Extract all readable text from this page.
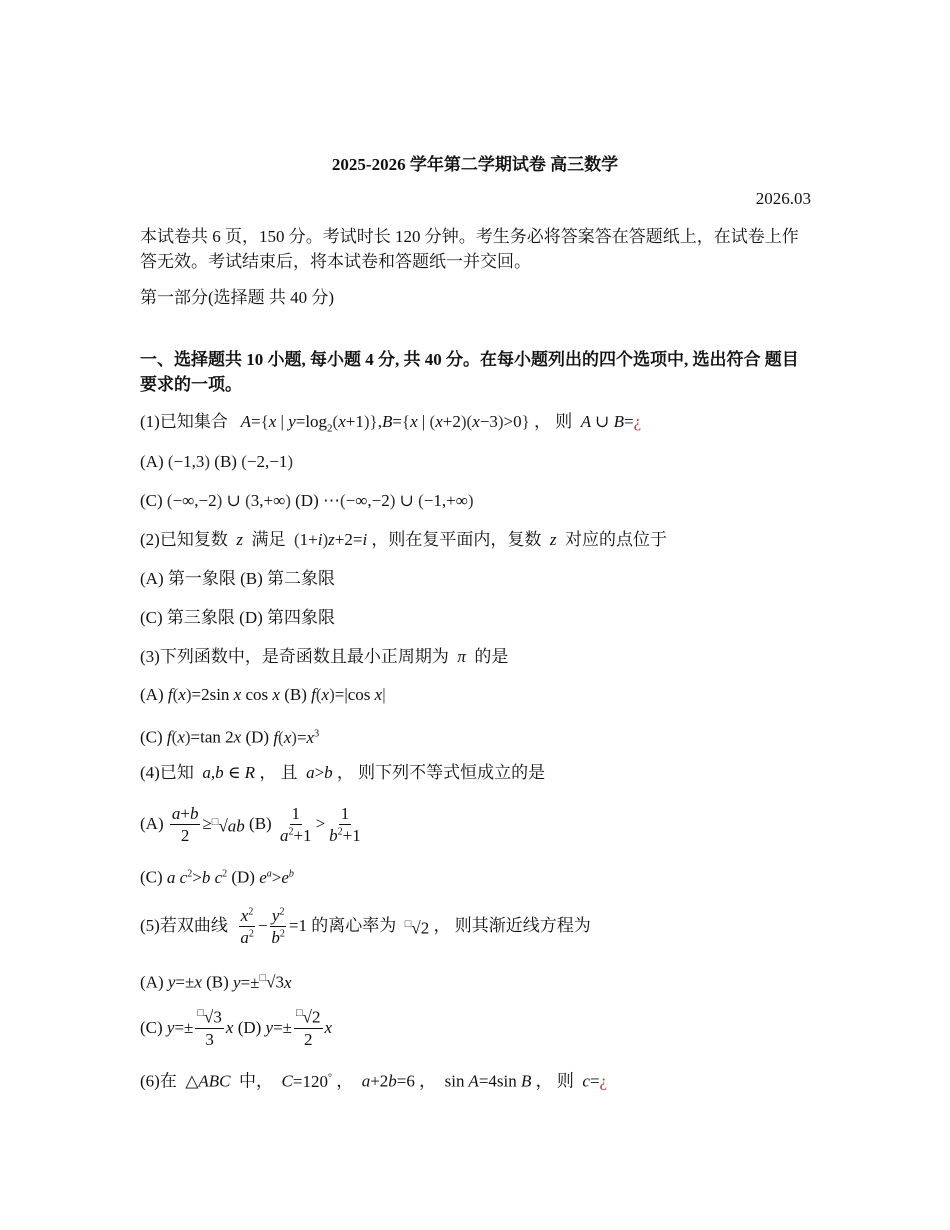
2025-2026 学年第二学期试卷 高三数学
2026.03
本试卷共 6 页，150 分。考试时长 120 分钟。考生务必将答案答在答题纸上，在试卷上作答无效。考试结束后，将本试卷和答题纸一并交回。
第一部分(选择题 共 40 分)
一、选择题共 10 小题, 每小题 4 分, 共 40 分。在每小题列出的四个选项中, 选出符合 题目要求的一项。
(1)已知集合 A={x | $y=\log_2(x+1)\},B=\{x$ | (x+2)(x−3)>0} ， 则 A ∪ B=¿
(A) (−1,3) (B) (−2,−1)
(C) (−∞,−2) ∪ (3,+∞) (D) ⋯(−∞,−2) ∪ (−1,+∞)
(2)已知复数 z 满足 (1+i)z+2=i ，则在复平面内，复数 z 对应的点位于
(A) 第一象限 (B) 第二象限
(C) 第三象限 (D) 第四象限
(3)下列函数中，是奇函数且最小正周期为 π 的是
(A) f(x)=2sin x cos x (B) f(x)=|cos x|
(C) f(x)=tan 2x (D) $f(x)=x^3$
(4)已知 a,b ∈ R ， 且 a>b ， 则下列不等式恒成立的是
(A)
$\frac{a+b}{2} \ge ^□√ab$
(B)
$\frac{1}{a^2+1} > \frac{1}{b^2+1}$
(C) a $c^2>b$ $c^2$ (D) $e^a>e^b$
(5) 若双曲线
$\frac{x^2}{a^2} - \frac{y^2}{b^2} =1$
的离心率为
□√2
， 则其渐近线方程为
(A) y=±x (B) y=±□√3x
(C)
$y =\pm \frac{^□√3}{3}$ x
(D)
$y =\pm \frac{^□√2}{2}$ x
(6)在 △ABC 中， C=120° ，  a+2b=6 ，  sin A=4sin B ， 则  c=¿
